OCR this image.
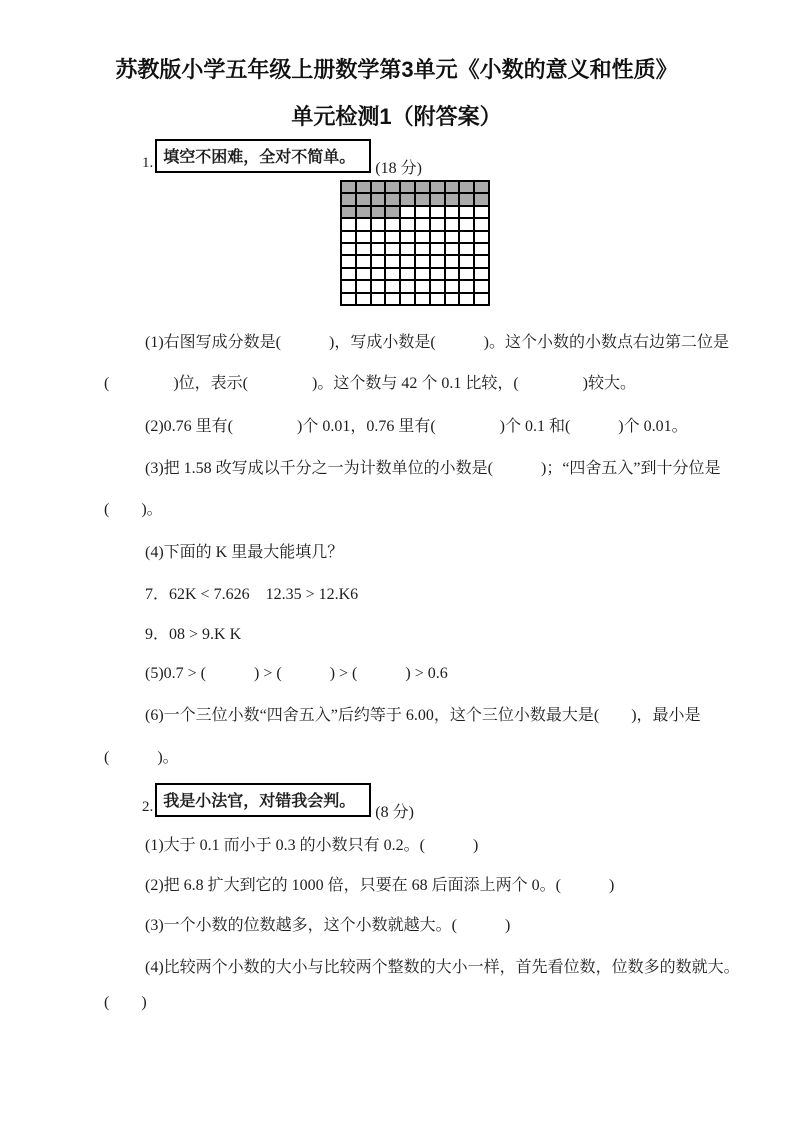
苏教版小学五年级上册数学第3单元《小数的意义和性质》
单元检测1（附答案）
1. 填空不困难，全对不简单。
(18 分)
(1)右图写成分数是(　　　)，写成小数是(　　　)。这个小数的小数点右边第二位是
(　　　　)位，表示(　　　　)。这个数与 42 个 0.1 比较，(　　　　)较大。
(2)0.76 里有(　　　　)个 0.01，0.76 里有(　　　　)个 0.1 和(　　　)个 0.01。
(3)把 1.58 改写成以千分之一为计数单位的小数是(　　　)；“四舍五入”到十分位是
(　　)。
(4)下面的 K 里最大能填几？
7．62K < 7.626　12.35 > 12.K6
9．08 > 9.K K
(5)0.7 > (　　　) > (　　　) > (　　　) > 0.6
(6)一个三位小数“四舍五入”后约等于 6.00，这个三位小数最大是(　　)，最小是
(　　　)。
2. 我是小法官，对错我会判。
(8 分)
(1)大于 0.1 而小于 0.3 的小数只有 0.2。(　　　)
(2)把 6.8 扩大到它的 1000 倍，只要在 68 后面添上两个 0。(　　　)
(3)一个小数的位数越多，这个小数就越大。(　　　)
(4)比较两个小数的大小与比较两个整数的大小一样，首先看位数，位数多的数就大。
(　　)
